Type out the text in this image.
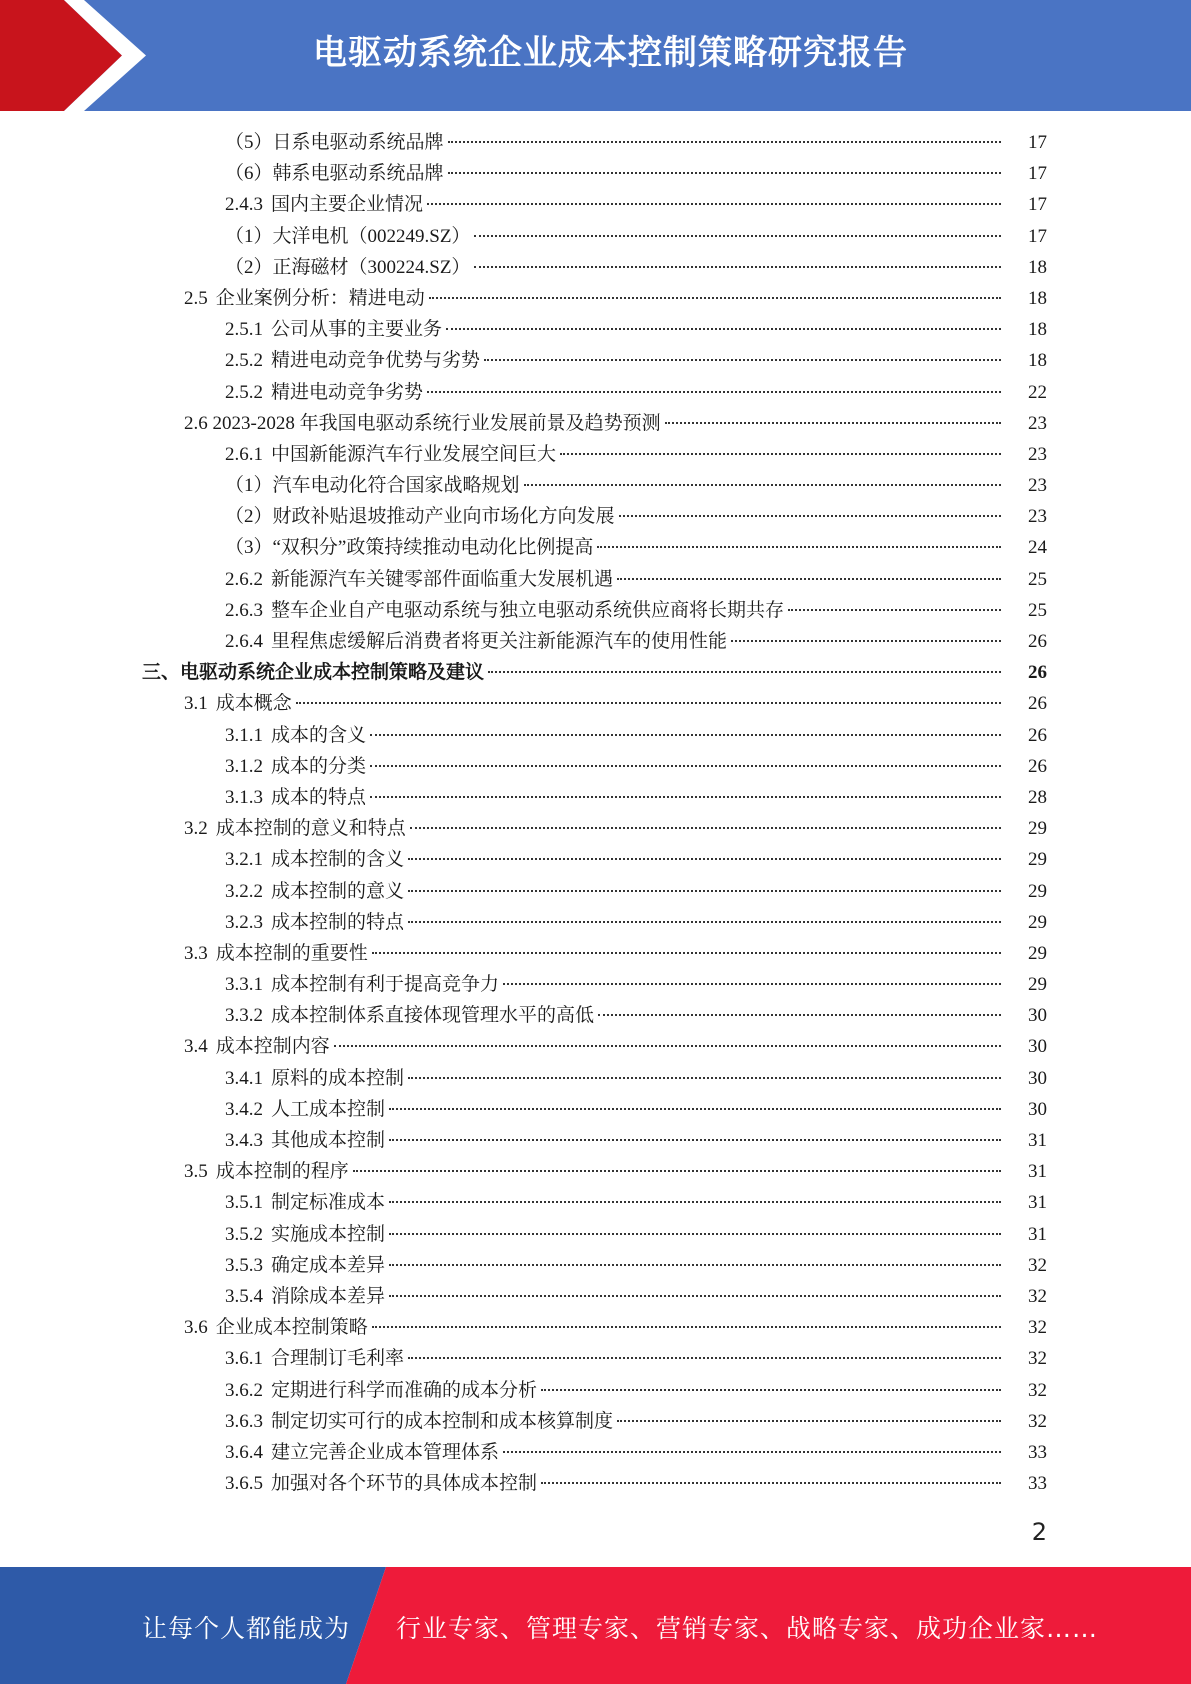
电驱动系统企业成本控制策略研究报告
（5）日系电驱动系统品牌	17
（6）韩系电驱动系统品牌	17
2.4.3 国内主要企业情况	17
（1）大洋电机（002249.SZ）	17
（2）正海磁材（300224.SZ）	18
2.5 企业案例分析：精进电动	18
2.5.1 公司从事的主要业务	18
2.5.2 精进电动竞争优势与劣势	18
2.5.2 精进电动竞争劣势	22
2.6 2023-2028 年我国电驱动系统行业发展前景及趋势预测	23
2.6.1 中国新能源汽车行业发展空间巨大	23
（1）汽车电动化符合国家战略规划	23
（2）财政补贴退坡推动产业向市场化方向发展	23
（3）“双积分”政策持续推动电动化比例提高	24
2.6.2 新能源汽车关键零部件面临重大发展机遇	25
2.6.3 整车企业自产电驱动系统与独立电驱动系统供应商将长期共存	25
2.6.4 里程焦虑缓解后消费者将更关注新能源汽车的使用性能	26
三、电驱动系统企业成本控制策略及建议	26
3.1 成本概念	26
3.1.1 成本的含义	26
3.1.2 成本的分类	26
3.1.3 成本的特点	28
3.2 成本控制的意义和特点	29
3.2.1 成本控制的含义	29
3.2.2 成本控制的意义	29
3.2.3 成本控制的特点	29
3.3 成本控制的重要性	29
3.3.1 成本控制有利于提高竞争力	29
3.3.2 成本控制体系直接体现管理水平的高低	30
3.4 成本控制内容	30
3.4.1 原料的成本控制	30
3.4.2 人工成本控制	30
3.4.3 其他成本控制	31
3.5 成本控制的程序	31
3.5.1 制定标准成本	31
3.5.2 实施成本控制	31
3.5.3 确定成本差异	32
3.5.4 消除成本差异	32
3.6 企业成本控制策略	32
3.6.1 合理制订毛利率	32
3.6.2 定期进行科学而准确的成本分析	32
3.6.3 制定切实可行的成本控制和成本核算制度	32
3.6.4 建立完善企业成本管理体系	33
3.6.5 加强对各个环节的具体成本控制	33
2
让每个人都能成为 行业专家、管理专家、营销专家、战略专家、成功企业家……
